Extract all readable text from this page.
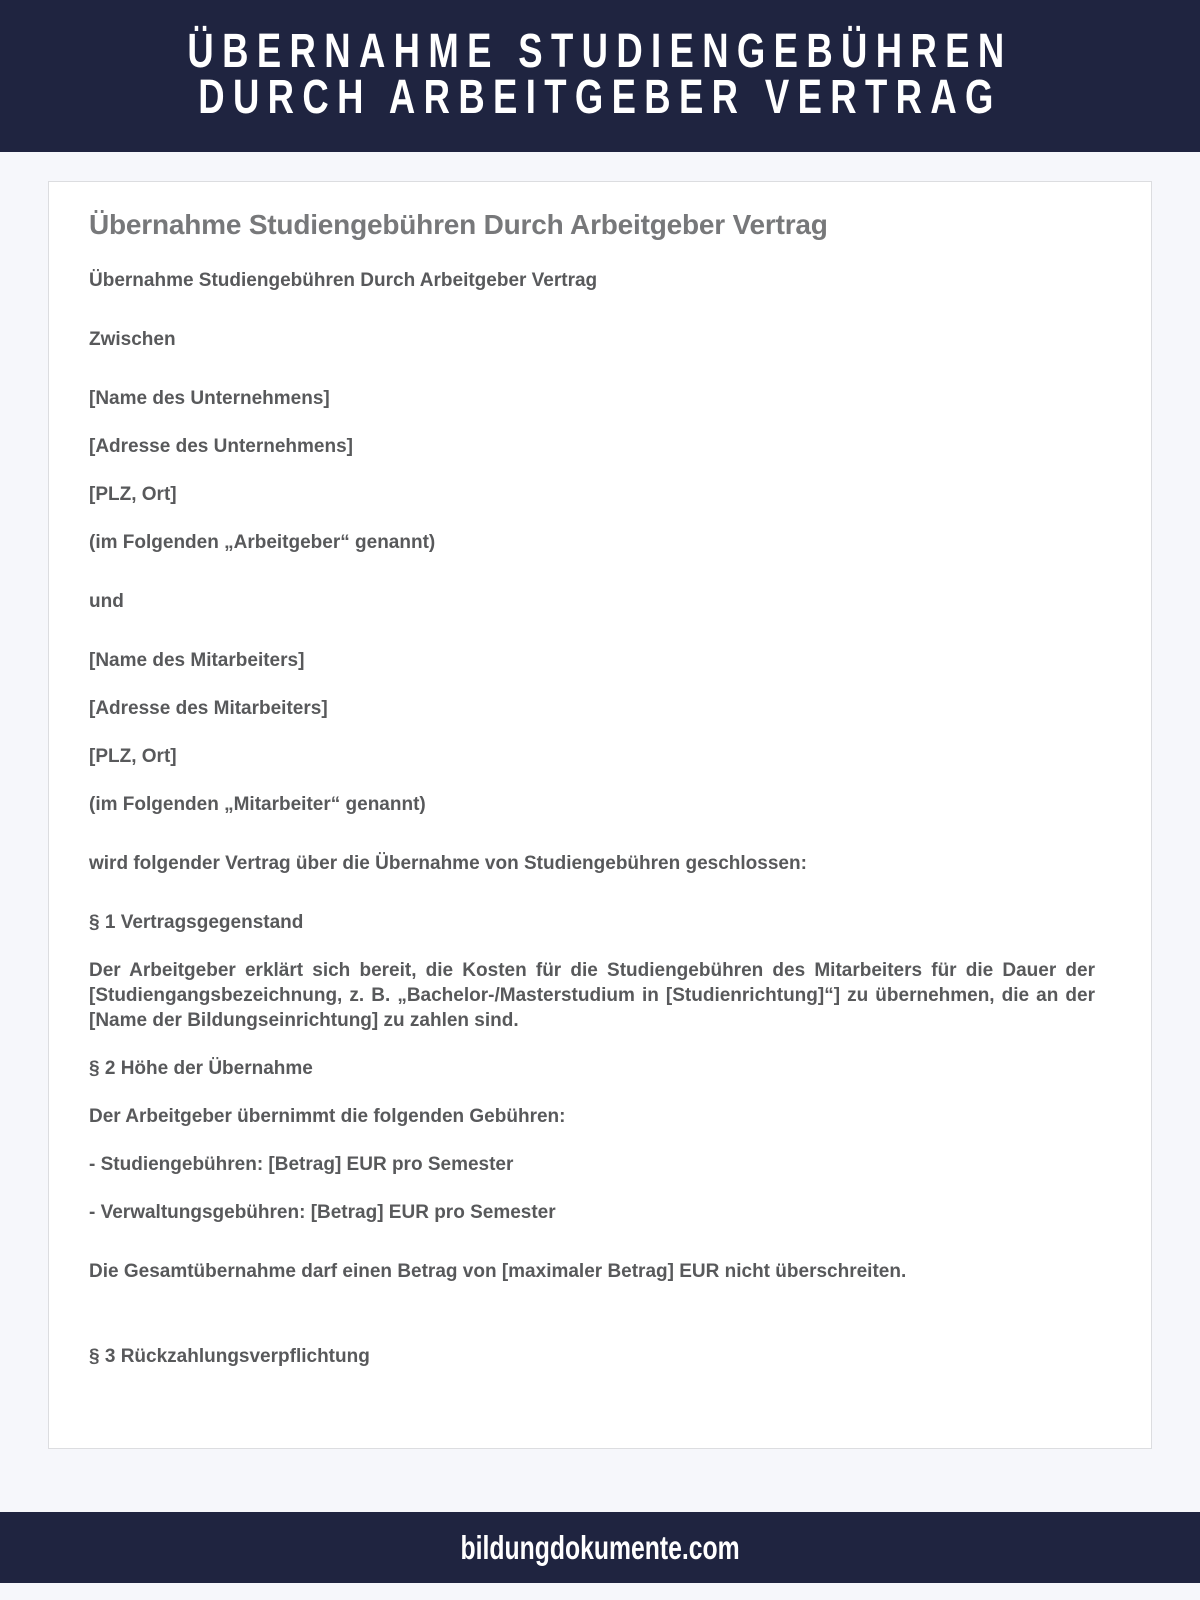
ÜBERNAHME STUDIENGEBÜHREN
DURCH ARBEITGEBER VERTRAG
Übernahme Studiengebühren Durch Arbeitgeber Vertrag

Übernahme Studiengebühren Durch Arbeitgeber Vertrag

Zwischen

[Name des Unternehmens]

[Adresse des Unternehmens]

[PLZ, Ort]

(im Folgenden „Arbeitgeber“ genannt)

und

[Name des Mitarbeiters]

[Adresse des Mitarbeiters]

[PLZ, Ort]

(im Folgenden „Mitarbeiter“ genannt)

wird folgender Vertrag über die Übernahme von Studiengebühren geschlossen:

§ 1 Vertragsgegenstand

Der Arbeitgeber erklärt sich bereit, die Kosten für die Studiengebühren des Mitarbeiters für die Dauer der [Studiengangsbezeichnung, z. B. „Bachelor-/Masterstudium in [Studienrichtung]“] zu übernehmen, die an der [Name der Bildungseinrichtung] zu zahlen sind.

§ 2 Höhe der Übernahme

Der Arbeitgeber übernimmt die folgenden Gebühren:

- Studiengebühren: [Betrag] EUR pro Semester

- Verwaltungsgebühren: [Betrag] EUR pro Semester

Die Gesamtübernahme darf einen Betrag von [maximaler Betrag] EUR nicht überschreiten.

§ 3 Rückzahlungsverpflichtung

bildungdokumente.com
